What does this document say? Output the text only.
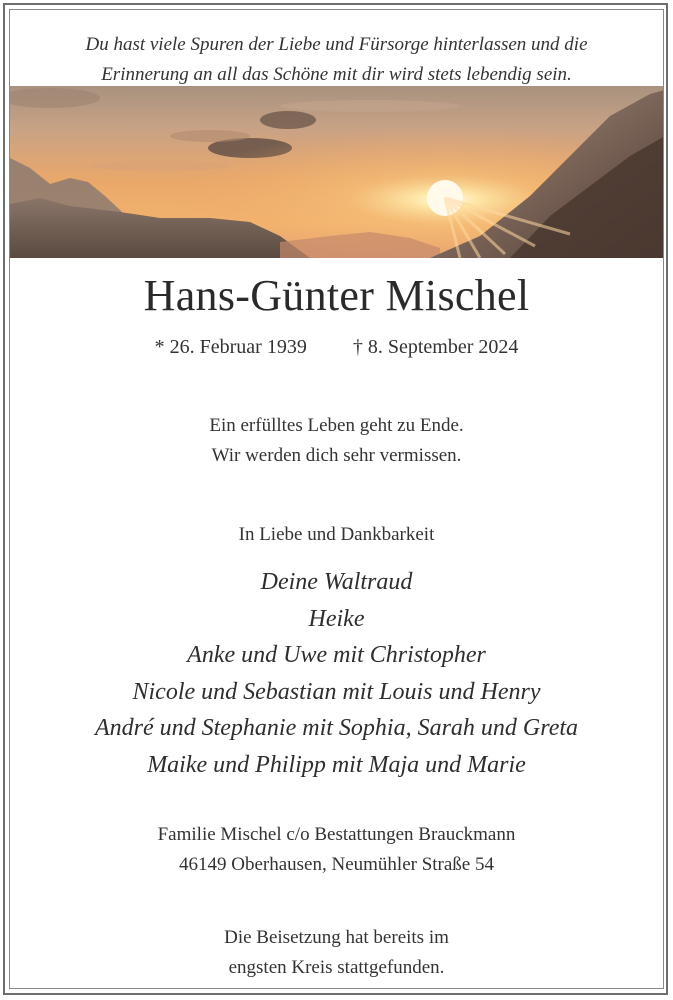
Du hast viele Spuren der Liebe und Fürsorge hinterlassen und die
Erinnerung an all das Schöne mit dir wird stets lebendig sein.
Hans-Günter Mischel
* 26. Februar 1939 † 8. September 2024
Ein erfülltes Leben geht zu Ende.
Wir werden dich sehr vermissen.
In Liebe und Dankbarkeit
Deine Waltraud
Heike
Anke und Uwe mit Christopher
Nicole und Sebastian mit Louis und Henry
André und Stephanie mit Sophia, Sarah und Greta
Maike und Philipp mit Maja und Marie
Familie Mischel c/o Bestattungen Brauckmann
46149 Oberhausen, Neumühler Straße 54
Die Beisetzung hat bereits im
engsten Kreis stattgefunden.
